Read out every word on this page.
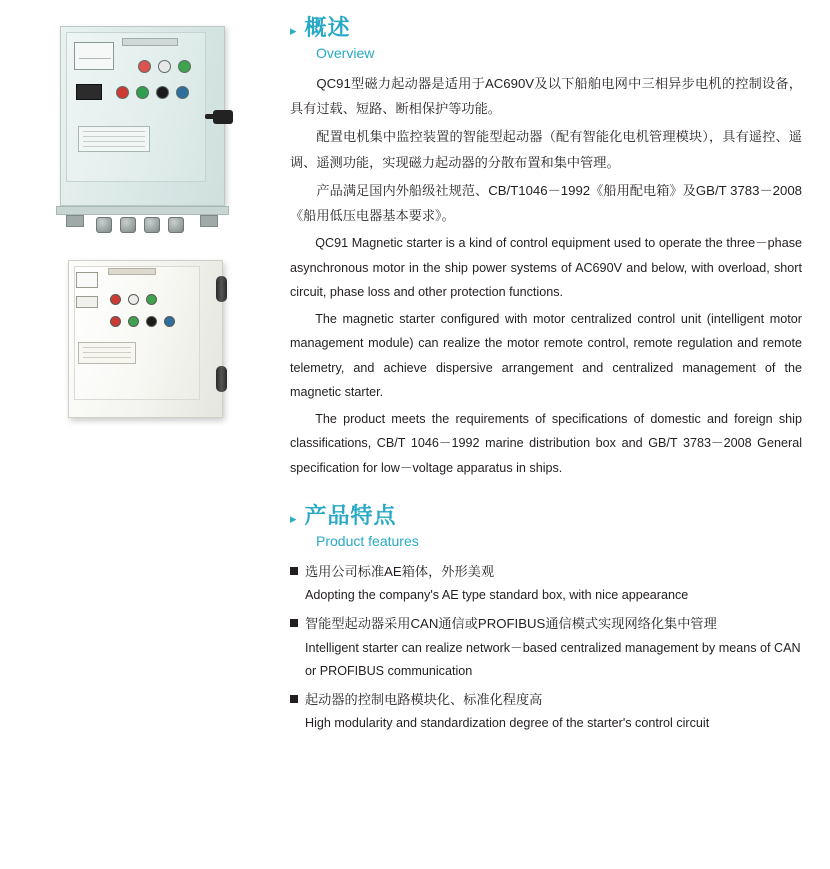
▸ 概述
Overview

QC91型磁力起动器是适用于AC690V及以下船舶电网中三相异步电机的控制设备，具有过载、短路、断相保护等功能。

配置电机集中监控装置的智能型起动器（配有智能化电机管理模块），具有遥控、遥调、遥测功能，实现磁力起动器的分散布置和集中管理。

产品满足国内外船级社规范、CB/T1046－1992《船用配电箱》及GB/T 3783－2008《船用低压电器基本要求》。

QC91 Magnetic starter is a kind of control equipment used to operate the three－phase asynchronous motor in the ship power systems of AC690V and below, with overload, short circuit, phase loss and other protection functions.

The magnetic starter configured with motor centralized control unit (intelligent motor management module) can realize the motor remote control, remote regulation and remote telemetry, and achieve dispersive arrangement and centralized management of the magnetic starter.

The product meets the requirements of specifications of domestic and foreign ship classifications, CB/T 1046－1992 marine distribution box and GB/T 3783－2008 General specification for low－voltage apparatus in ships.

▸ 产品特点
Product features
选用公司标准AE箱体，外形美观
Adopting the company's AE type standard box, with nice appearance
智能型起动器采用CAN通信或PROFIBUS通信模式实现网络化集中管理
Intelligent starter can realize network－based centralized management by means of CAN or PROFIBUS communication
起动器的控制电路模块化、标准化程度高
High modularity and standardization degree of the starter's control circuit
